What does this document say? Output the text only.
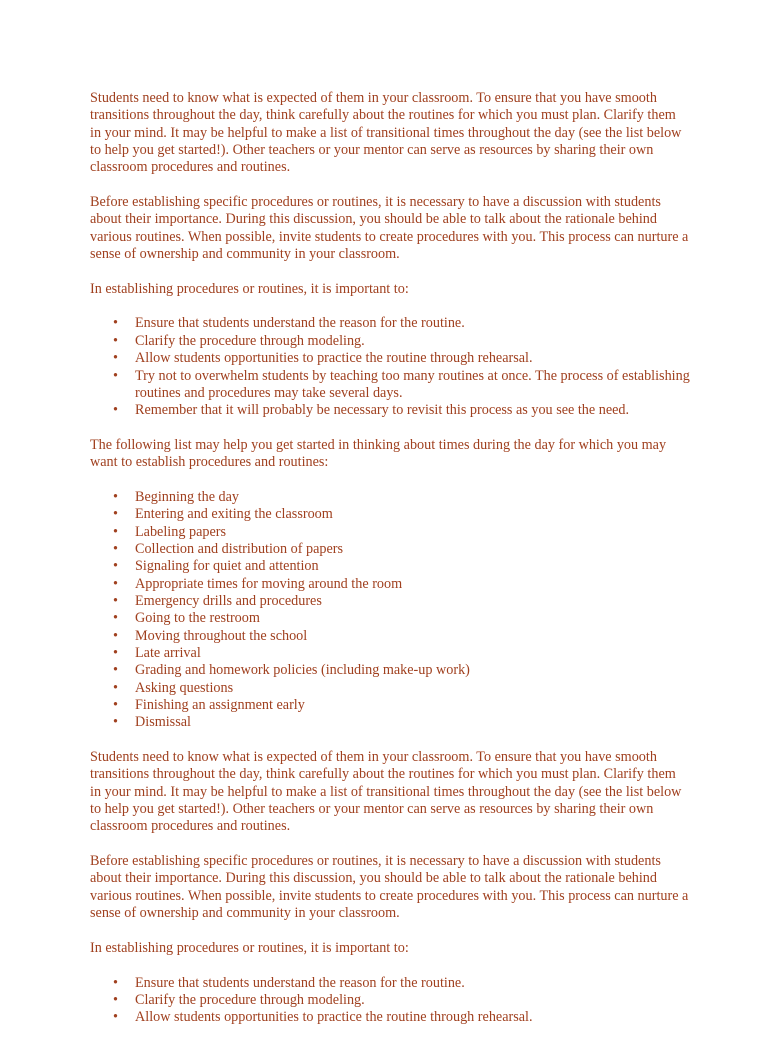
Students need to know what is expected of them in your classroom. To ensure that you have smooth transitions throughout the day, think carefully about the routines for which you must plan. Clarify them in your mind. It may be helpful to make a list of transitional times throughout the day (see the list below to help you get started!). Other teachers or your mentor can serve as resources by sharing their own classroom procedures and routines.

Before establishing specific procedures or routines, it is necessary to have a discussion with students about their importance. During this discussion, you should be able to talk about the rationale behind various routines. When possible, invite students to create procedures with you. This process can nurture a sense of ownership and community in your classroom.

In establishing procedures or routines, it is important to:

• Ensure that students understand the reason for the routine.
• Clarify the procedure through modeling.
• Allow students opportunities to practice the routine through rehearsal.
• Try not to overwhelm students by teaching too many routines at once. The process of establishing routines and procedures may take several days.
• Remember that it will probably be necessary to revisit this process as you see the need.

The following list may help you get started in thinking about times during the day for which you may want to establish procedures and routines:

• Beginning the day
• Entering and exiting the classroom
• Labeling papers
• Collection and distribution of papers
• Signaling for quiet and attention
• Appropriate times for moving around the room
• Emergency drills and procedures
• Going to the restroom
• Moving throughout the school
• Late arrival
• Grading and homework policies (including make-up work)
• Asking questions
• Finishing an assignment early
• Dismissal

Students need to know what is expected of them in your classroom. To ensure that you have smooth transitions throughout the day, think carefully about the routines for which you must plan. Clarify them in your mind. It may be helpful to make a list of transitional times throughout the day (see the list below to help you get started!). Other teachers or your mentor can serve as resources by sharing their own classroom procedures and routines.

Before establishing specific procedures or routines, it is necessary to have a discussion with students about their importance. During this discussion, you should be able to talk about the rationale behind various routines. When possible, invite students to create procedures with you. This process can nurture a sense of ownership and community in your classroom.

In establishing procedures or routines, it is important to:

• Ensure that students understand the reason for the routine.
• Clarify the procedure through modeling.
• Allow students opportunities to practice the routine through rehearsal.
